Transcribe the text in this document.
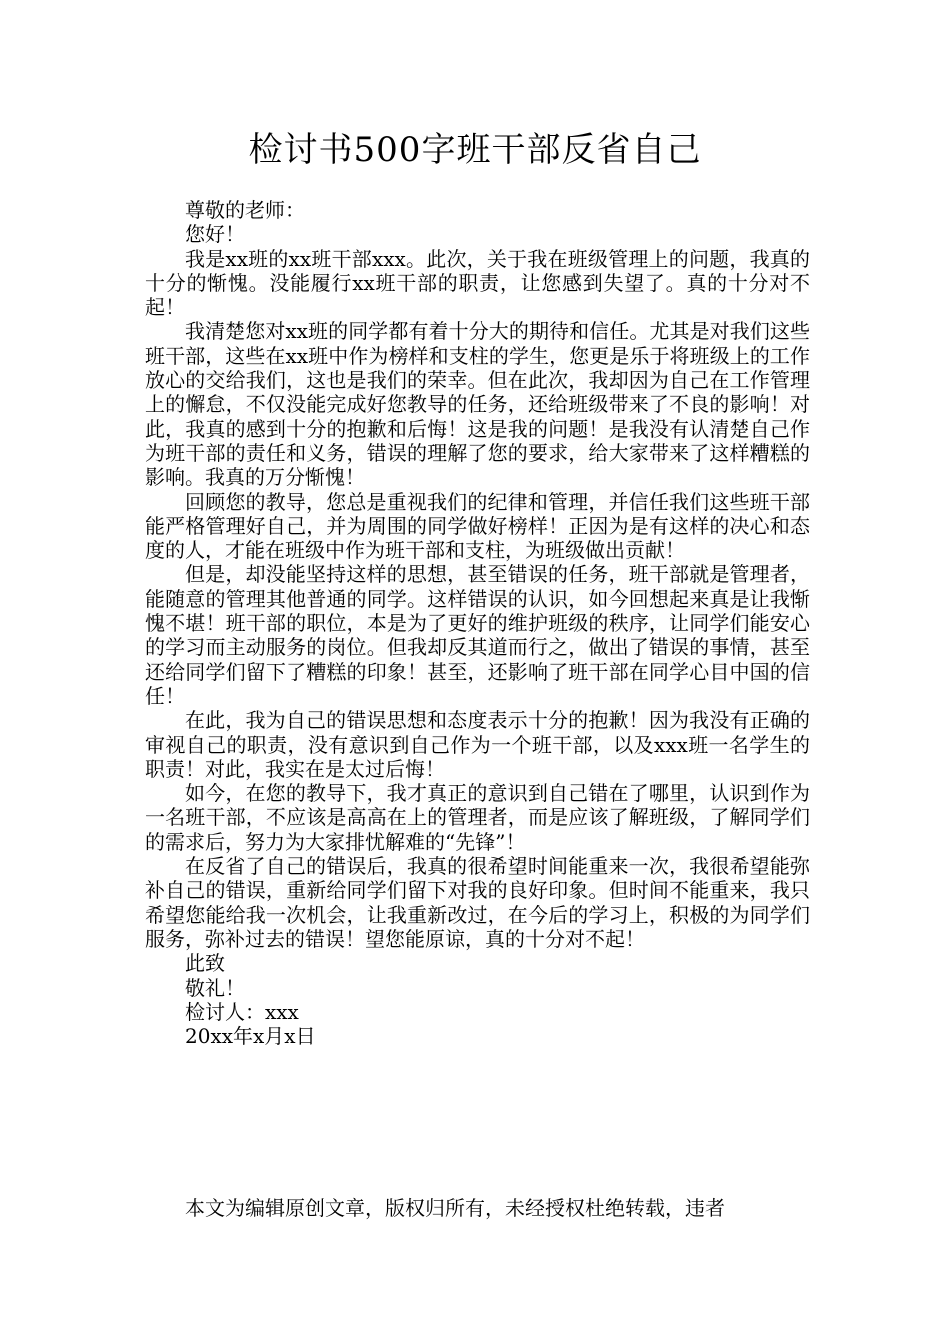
检讨书500字班干部反省自己
尊敬的老师：
您好！

我是xx班的xx班干部xxx。此次，关于我在班级管理上的问题，我真的十分的惭愧。没能履行xx班干部的职责，让您感到失望了。真的十分对不起！

我清楚您对xx班的同学都有着十分大的期待和信任。尤其是对我们这些班干部，这些在xx班中作为榜样和支柱的学生，您更是乐于将班级上的工作放心的交给我们，这也是我们的荣幸。但在此次，我却因为自己在工作管理上的懈怠，不仅没能完成好您教导的任务，还给班级带来了不良的影响！对此，我真的感到十分的抱歉和后悔！这是我的问题！是我没有认清楚自己作为班干部的责任和义务，错误的理解了您的要求，给大家带来了这样糟糕的影响。我真的万分惭愧！

回顾您的教导，您总是重视我们的纪律和管理，并信任我们这些班干部能严格管理好自己，并为周围的同学做好榜样！正因为是有这样的决心和态度的人，才能在班级中作为班干部和支柱，为班级做出贡献！

但是，却没能坚持这样的思想，甚至错误的任务，班干部就是管理者，能随意的管理其他普通的同学。这样错误的认识，如今回想起来真是让我惭愧不堪！班干部的职位，本是为了更好的维护班级的秩序，让同学们能安心的学习而主动服务的岗位。但我却反其道而行之，做出了错误的事情，甚至还给同学们留下了糟糕的印象！甚至，还影响了班干部在同学心目中国的信任！

在此，我为自己的错误思想和态度表示十分的抱歉！因为我没有正确的审视自己的职责，没有意识到自己作为一个班干部，以及xxx班一名学生的职责！对此，我实在是太过后悔！

如今，在您的教导下，我才真正的意识到自己错在了哪里，认识到作为一名班干部，不应该是高高在上的管理者，而是应该了解班级，了解同学们的需求后，努力为大家排忧解难的“先锋”！

在反省了自己的错误后，我真的很希望时间能重来一次，我很希望能弥补自己的错误，重新给同学们留下对我的良好印象。但时间不能重来，我只希望您能给我一次机会，让我重新改过，在今后的学习上，积极的为同学们服务，弥补过去的错误！望您能原谅，真的十分对不起！

此致
敬礼！
检讨人：xxx
20xx年x月x日

本文为编辑原创文章，版权归所有，未经授权杜绝转载，违者
